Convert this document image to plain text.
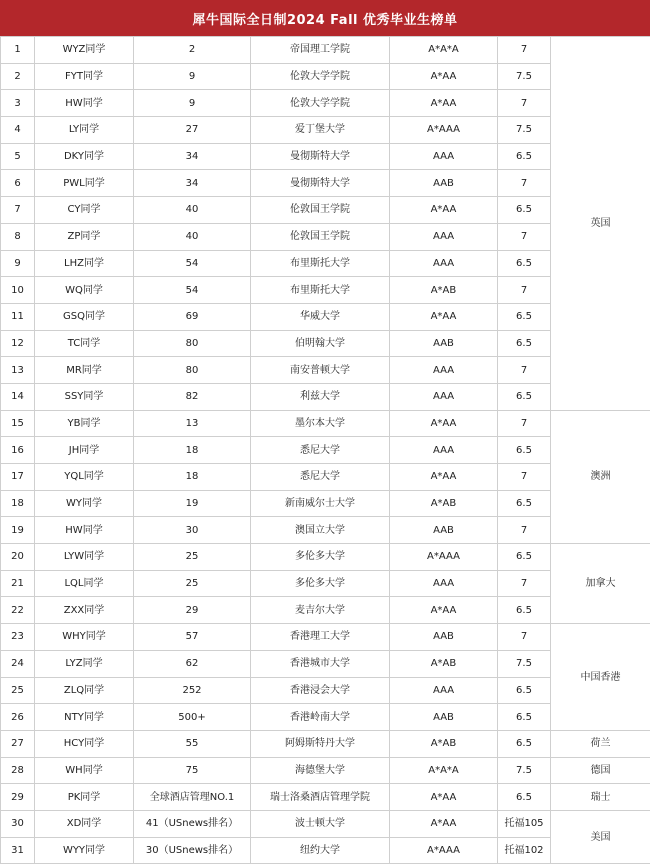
犀牛国际全日制2024 Fall 优秀毕业生榜单
1	WYZ同学	2	帝国理工学院	A*A*A	7	英国
2	FYT同学	9	伦敦大学学院	A*AA	7.5	
3	HW同学	9	伦敦大学学院	A*AA	7	
4	LY同学	27	爱丁堡大学	A*AAA	7.5	
5	DKY同学	34	曼彻斯特大学	AAA	6.5	
6	PWL同学	34	曼彻斯特大学	AAB	7	
7	CY同学	40	伦敦国王学院	A*AA	6.5	
8	ZP同学	40	伦敦国王学院	AAA	7	
9	LHZ同学	54	布里斯托大学	AAA	6.5	
10	WQ同学	54	布里斯托大学	A*AB	7	
11	GSQ同学	69	华威大学	A*AA	6.5	
12	TC同学	80	伯明翰大学	AAB	6.5	
13	MR同学	80	南安普顿大学	AAA	7	
14	SSY同学	82	利兹大学	AAA	6.5	
15	YB同学	13	墨尔本大学	A*AA	7	澳洲
16	JH同学	18	悉尼大学	AAA	6.5	
17	YQL同学	18	悉尼大学	A*AA	7	
18	WY同学	19	新南威尔士大学	A*AB	6.5	
19	HW同学	30	澳国立大学	AAB	7	
20	LYW同学	25	多伦多大学	A*AAA	6.5	加拿大
21	LQL同学	25	多伦多大学	AAA	7	
22	ZXX同学	29	麦吉尔大学	A*AA	6.5	
23	WHY同学	57	香港理工大学	AAB	7	中国香港
24	LYZ同学	62	香港城市大学	A*AB	7.5	
25	ZLQ同学	252	香港浸会大学	AAA	6.5	
26	NTY同学	500+	香港岭南大学	AAB	6.5	
27	HCY同学	55	阿姆斯特丹大学	A*AB	6.5	荷兰
28	WH同学	75	海德堡大学	A*A*A	7.5	德国
29	PK同学	全球酒店管理NO.1	瑞士洛桑酒店管理学院	A*AA	6.5	瑞士
30	XD同学	41（USnews排名）	波士顿大学	A*AA	托福105	美国
31	WYY同学	30（USnews排名）	纽约大学	A*AAA	托福102	
